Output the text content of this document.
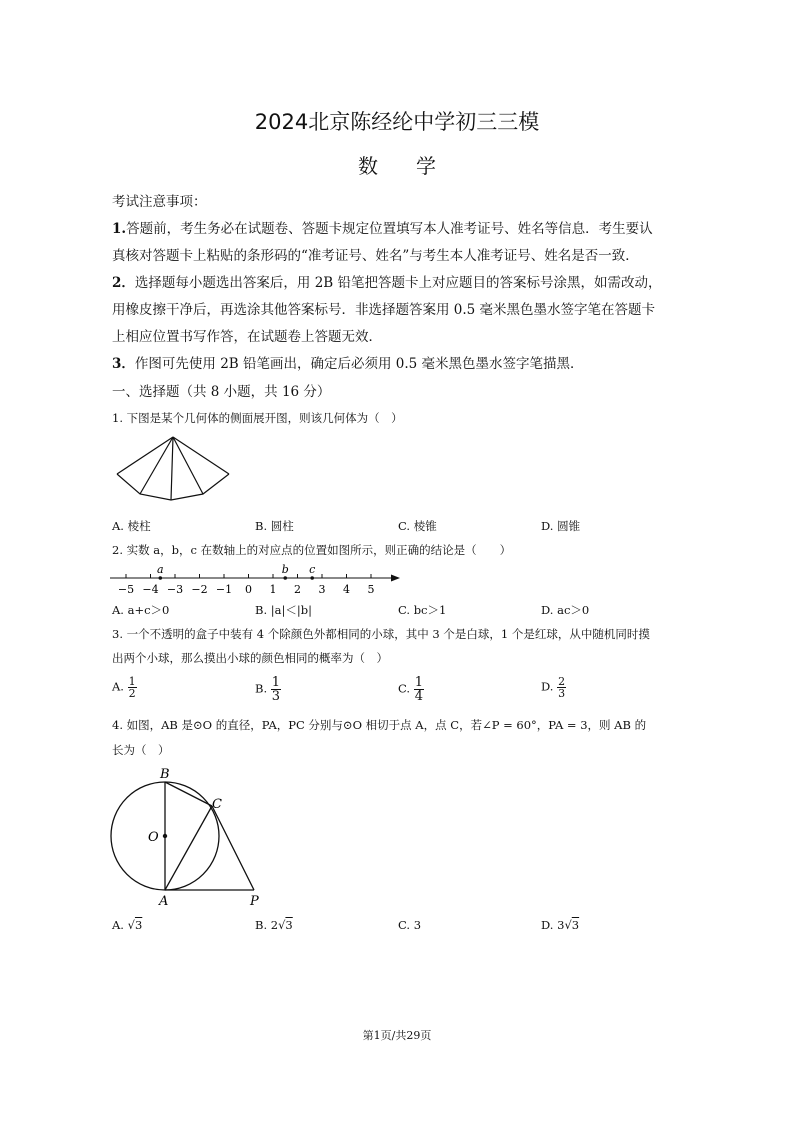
2024北京陈经纶中学初三三模
数学
考试注意事项：
1.答题前，考生务必在试题卷、答题卡规定位置填写本人准考证号、姓名等信息．考生要认
真核对答题卡上粘贴的条形码的“准考证号、姓名”与考生本人准考证号、姓名是否一致．
2．选择题每小题选出答案后，用 2B 铅笔把答题卡上对应题目的答案标号涂黑，如需改动，
用橡皮擦干净后，再选涂其他答案标号．非选择题答案用 0.5 毫米黑色墨水签字笔在答题卡
上相应位置书写作答，在试题卷上答题无效．
3．作图可先使用 2B 铅笔画出，确定后必须用 0.5 毫米黑色墨水签字笔描黑．
一、选择题（共 8 小题，共 16 分）
1. 下图是某个几何体的侧面展开图，则该几何体为（　）
A. 棱柱	B. 圆柱	C. 棱锥	D. 圆锥
2. 实数 a，b，c 在数轴上的对应点的位置如图所示，则正确的结论是（　　）
−5 −4 −3 −2 −1 0 1 2 3 4 5
a	b c
A. a+c＞0	B. |a|＜|b|	C. bc＞1	D. ac＞0
3. 一个不透明的盒子中装有 4 个除颜色外都相同的小球，其中 3 个是白球，1 个是红球，从中随机同时摸
出两个小球，那么摸出小球的颜色相同的概率为（　）
A. $\frac{1}{2}$	B. $\frac{1}{3}$	C. $\frac{1}{4}$	D. $\frac{2}{3}$
4. 如图，AB 是⊙O 的直径，PA，PC 分别与⊙O 相切于点 A，点 C，若∠P = 60°，PA = 3，则 AB 的
长为（　）
B
C
O
A	P
A. √3	B. 2√3	C. 3	D. 3√3
第1页/共29页
